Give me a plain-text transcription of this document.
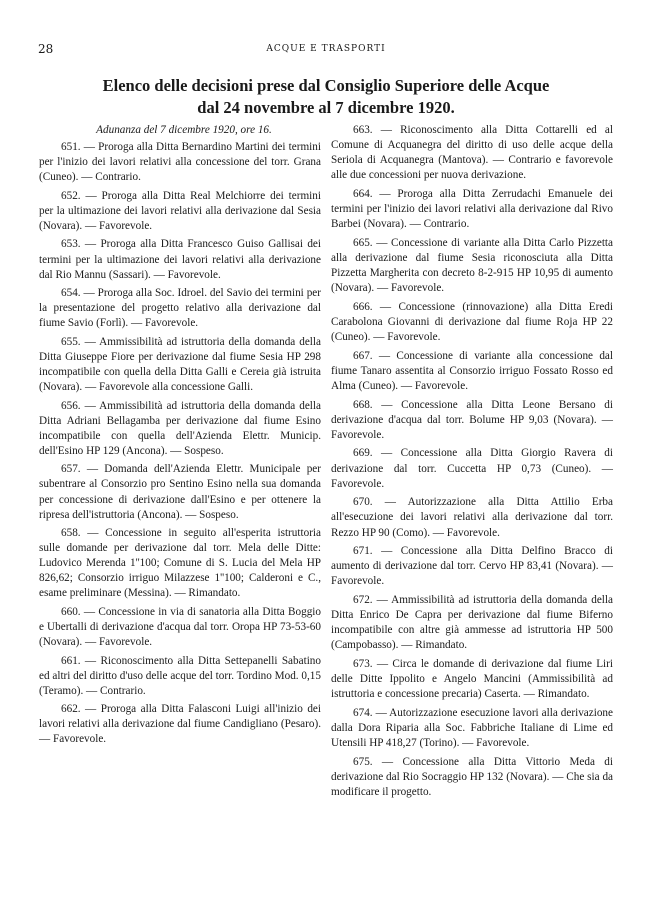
28	ACQUE E TRASPORTI
Elenco delle decisioni prese dal Consiglio Superiore delle Acque
dal 24 novembre al 7 dicembre 1920.
Adunanza del 7 dicembre 1920, ore 16.

651. — Proroga alla Ditta Bernardino Martini dei termini per l'inizio dei lavori relativi alla concessione del torr. Grana (Cuneo). — Contrario.

652. — Proroga alla Ditta Real Melchiorre dei termini per la ultimazione dei lavori relativi alla derivazione dal Sesia (Novara). — Favorevole.

653. — Proroga alla Ditta Francesco Guiso Gallisai dei termini per la ultimazione dei lavori relativi alla derivazione dal Rio Mannu (Sassari). — Favorevole.

654. — Proroga alla Soc. Idroel. del Savio dei termini per la presentazione del progetto relativo alla derivazione dal fiume Savio (Forlì). — Favorevole.

655. — Ammissibilità ad istruttoria della domanda della Ditta Giuseppe Fiore per derivazione dal fiume Sesia HP 298 incompatibile con quella della Ditta Galli e Cereia già istruita (Novara). — Favorevole alla concessione Galli.

656. — Ammissibilità ad istruttoria della domanda della Ditta Adriani Bellagamba per derivazione dal fiume Esino incompatibile con quella dell'Azienda Elettr. Municip. dell'Esino HP 129 (Ancona). — Sospeso.

657. — Domanda dell'Azienda Elettr. Municipale per subentrare al Consorzio pro Sentino Esino nella sua domanda per concessione di derivazione dall'Esino e per ottenere la ripresa dell'istruttoria (Ancona). — Sospeso.

658. — Concessione in seguito all'esperita istruttoria sulle domande per derivazione dal torr. Mela delle Ditte: Ludovico Merenda 1''100; Comune di S. Lucia del Mela HP 826,62; Consorzio irriguo Milazzese 1''100; Calderoni e C., esame preliminare (Messina). — Rimandato.

660. — Concessione in via di sanatoria alla Ditta Boggio e Ubertalli di derivazione d'acqua dal torr. Oropa HP 73-53-60 (Novara). — Favorevole.

661. — Riconoscimento alla Ditta Settepanelli Sabatino ed altri del diritto d'uso delle acque del torr. Tordino Mod. 0,15 (Teramo). — Contrario.

662. — Proroga alla Ditta Falasconi Luigi all'inizio dei lavori relativi alla derivazione dal fiume Candigliano (Pesaro). — Favorevole.

663. — Riconoscimento alla Ditta Cottarelli ed al Comune di Acquanegra del diritto di uso delle acque della Seriola di Acquanegra (Mantova). — Contrario e favorevole alle due concessioni per nuova derivazione.

664. — Proroga alla Ditta Zerrudachi Emanuele dei termini per l'inizio dei lavori relativi alla derivazione dal Rivo Barbei (Novara). — Contrario.

665. — Concessione di variante alla Ditta Carlo Pizzetta alla derivazione dal fiume Sesia riconosciuta alla Ditta Pizzetta Margherita con decreto 8-2-915 HP 10,95 di aumento (Novara). — Favorevole.

666. — Concessione (rinnovazione) alla Ditta Eredi Carabolona Giovanni di derivazione dal fiume Roja HP 22 (Cuneo). — Favorevole.

667. — Concessione di variante alla concessione dal fiume Tanaro assentita al Consorzio irriguo Fossato Rosso ed Alma (Cuneo). — Favorevole.

668. — Concessione alla Ditta Leone Bersano di derivazione d'acqua dal torr. Bolume HP 9,03 (Novara). — Favorevole.

669. — Concessione alla Ditta Giorgio Ravera di derivazione dal torr. Cuccetta HP 0,73 (Cuneo). — Favorevole.

670. — Autorizzazione alla Ditta Attilio Erba all'esecuzione dei lavori relativi alla derivazione dal torr. Rezzo HP 90 (Como). — Favorevole.

671. — Concessione alla Ditta Delfino Bracco di aumento di derivazione dal torr. Cervo HP 83,41 (Novara). — Favorevole.

672. — Ammissibilità ad istruttoria della domanda della Ditta Enrico De Capra per derivazione dal fiume Biferno incompatibile con altre già ammesse ad istruttoria HP 500 (Campobasso). — Rimandato.

673. — Circa le domande di derivazione dal fiume Liri delle Ditte Ippolito e Angelo Mancini (Ammissibilità ad istruttoria e concessione precaria) Caserta. — Rimandato.

674. — Autorizzazione esecuzione lavori alla derivazione dalla Dora Riparia alla Soc. Fabbriche Italiane di Lime ed Utensili HP 418,27 (Torino). — Favorevole.

675. — Concessione alla Ditta Vittorio Meda di derivazione dal Rio Socraggio HP 132 (Novara). — Che sia da modificare il progetto.
